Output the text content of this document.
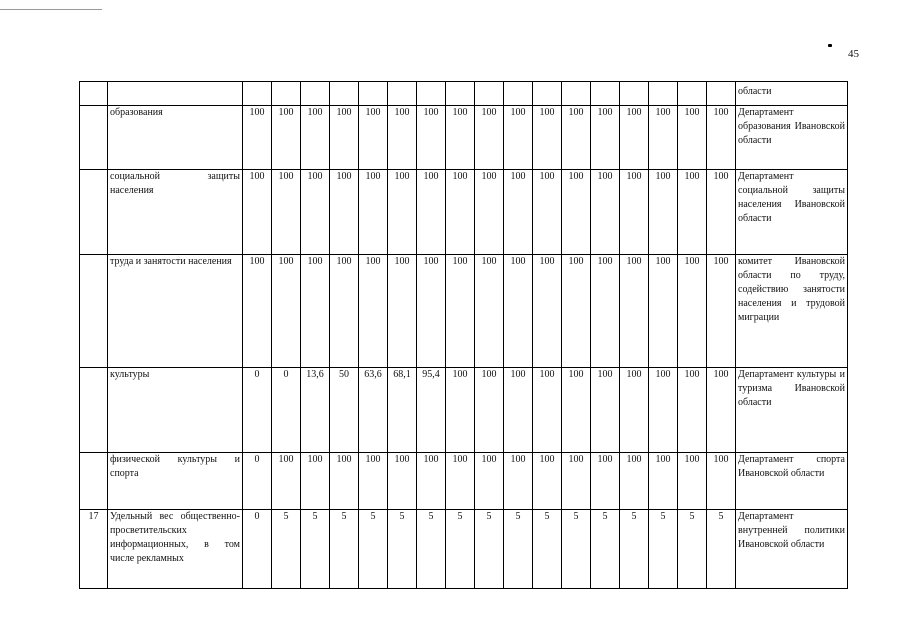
45
																			области
	образования	100	100	100	100	100	100	100	100	100	100	100	100	100	100	100	100	100	Департамент образования Ивановской области
	социальной защиты населения	100	100	100	100	100	100	100	100	100	100	100	100	100	100	100	100	100	Департамент социальной защиты населения Ивановской области
	труда и занятости населения	100	100	100	100	100	100	100	100	100	100	100	100	100	100	100	100	100	комитет Ивановской области по труду, содействию занятости населения и трудовой миграции
	культуры	0	0	13,6	50	63,6	68,1	95,4	100	100	100	100	100	100	100	100	100	100	Департамент культуры и туризма Ивановской области
	физической культуры и спорта	0	100	100	100	100	100	100	100	100	100	100	100	100	100	100	100	100	Департамент спорта Ивановской области
17	Удельный вес общественно-просветительских информационных, в том числе рекламных	0	5	5	5	5	5	5	5	5	5	5	5	5	5	5	5	5	Департамент внутренней политики Ивановской области
